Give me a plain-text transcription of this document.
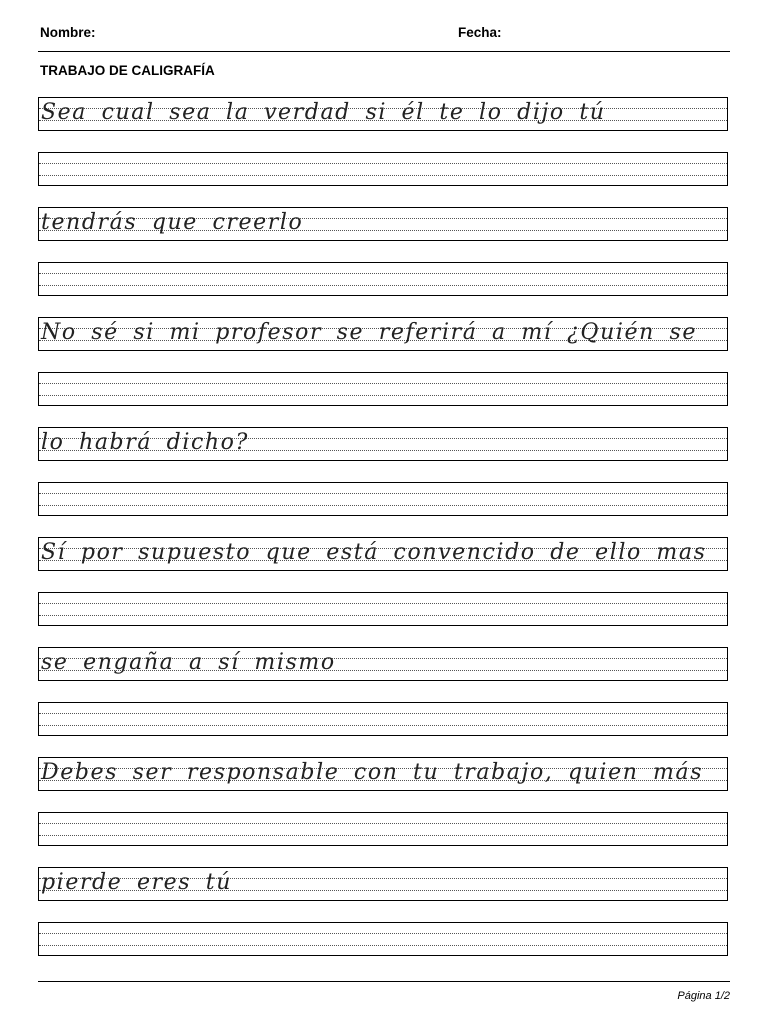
Nombre:	Fecha:
TRABAJO DE CALIGRAFÍA
Sea cual sea la verdad si él te lo dijo tú
tendrás que creerlo
No sé si mi profesor se referirá a mí ¿Quién se
lo habrá dicho?
Sí por supuesto que está convencido de ello mas
se engaña a sí mismo
Debes ser responsable con tu trabajo, quien más
pierde eres tú
Página 1/2
